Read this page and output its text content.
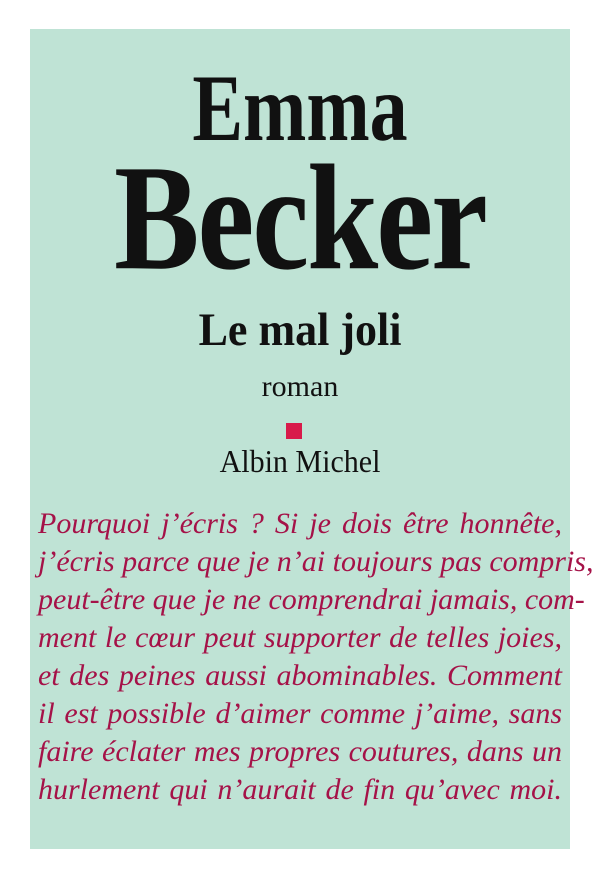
Emma
Becker
Le mal joli
roman
Albin Michel

Pourquoi j’écris ? Si je dois être honnête,
j’écris parce que je n’ai toujours pas compris,
peut-être que je ne comprendrai jamais, com-
ment le cœur peut supporter de telles joies,
et des peines aussi abominables. Comment
il est possible d’aimer comme j’aime, sans
faire éclater mes propres coutures, dans un
hurlement qui n’aurait de fin qu’avec moi.
